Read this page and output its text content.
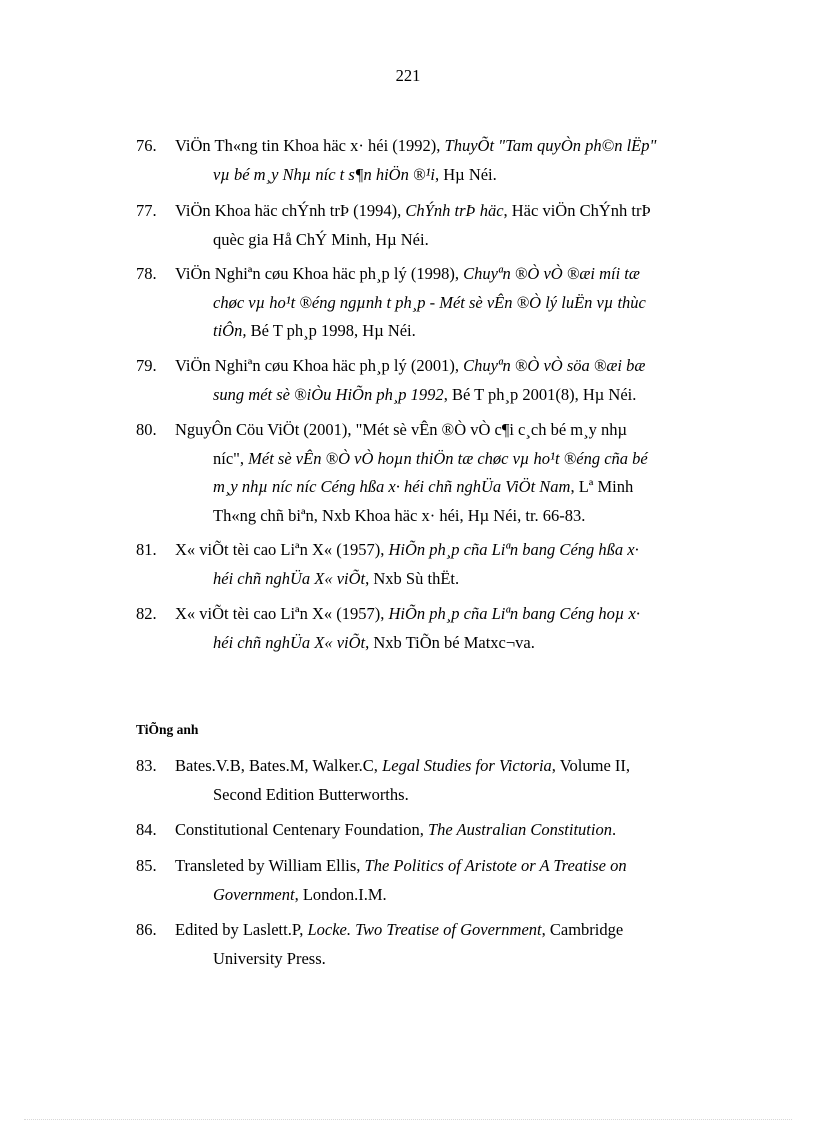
221
76. ViÖn Th«ng tin Khoa häc x· héi (1992), ThuyÕt "Tam quyÒn ph©n lËp"
vµ bé m¸y Nhµ níc t s¶n hiÖn ®¹i, Hµ Néi.
77. ViÖn Khoa häc chÝnh trÞ (1994), ChÝnh trÞ häc, Häc viÖn ChÝnh trÞ
quèc gia Hå ChÝ Minh, Hµ Néi.
78. ViÖn Nghiªn cøu Khoa häc ph¸p lý (1998), Chuyªn ®Ò vÒ ®æi míi tæ
chøc vµ ho¹t ®éng ngµnh t ph¸p - Mét sè vÊn ®Ò lý luËn vµ thùc
tiÔn, Bé T ph¸p 1998, Hµ Néi.
79. ViÖn Nghiªn cøu Khoa häc ph¸p lý (2001), Chuyªn ®Ò vÒ söa ®æi bæ
sung mét sè ®iÒu HiÕn ph¸p 1992, Bé T ph¸p 2001(8), Hµ Néi.
80. NguyÔn Cöu ViÖt (2001), "Mét sè vÊn ®Ò vÒ c¶i c¸ch bé m¸y nhµ
níc", Mét sè vÊn ®Ò vÒ hoµn thiÖn tæ chøc vµ ho¹t ®éng cña bé
m¸y nhµ níc níc Céng hßa x· héi chñ nghÜa ViÖt Nam, Lª Minh
Th«ng chñ biªn, Nxb Khoa häc x· héi, Hµ Néi, tr. 66-83.
81. X« viÕt tèi cao Liªn X« (1957), HiÕn ph¸p cña Liªn bang Céng hßa x·
héi chñ nghÜa X« viÕt, Nxb Sù thËt.
82. X« viÕt tèi cao Liªn X« (1957), HiÕn ph¸p cña Liªn bang Céng hoµ x·
héi chñ nghÜa X« viÕt, Nxb TiÕn bé Matxc¬va.
TiÕng anh
83. Bates.V.B, Bates.M, Walker.C, Legal Studies for Victoria, Volume II,
Second Edition Butterworths.
84. Constitutional Centenary Foundation, The Australian Constitution.
85. Transleted by William Ellis, The Politics of Aristote or A Treatise on
Government, London.I.M.
86. Edited by Laslett.P, Locke. Two Treatise of Government, Cambridge
University Press.
